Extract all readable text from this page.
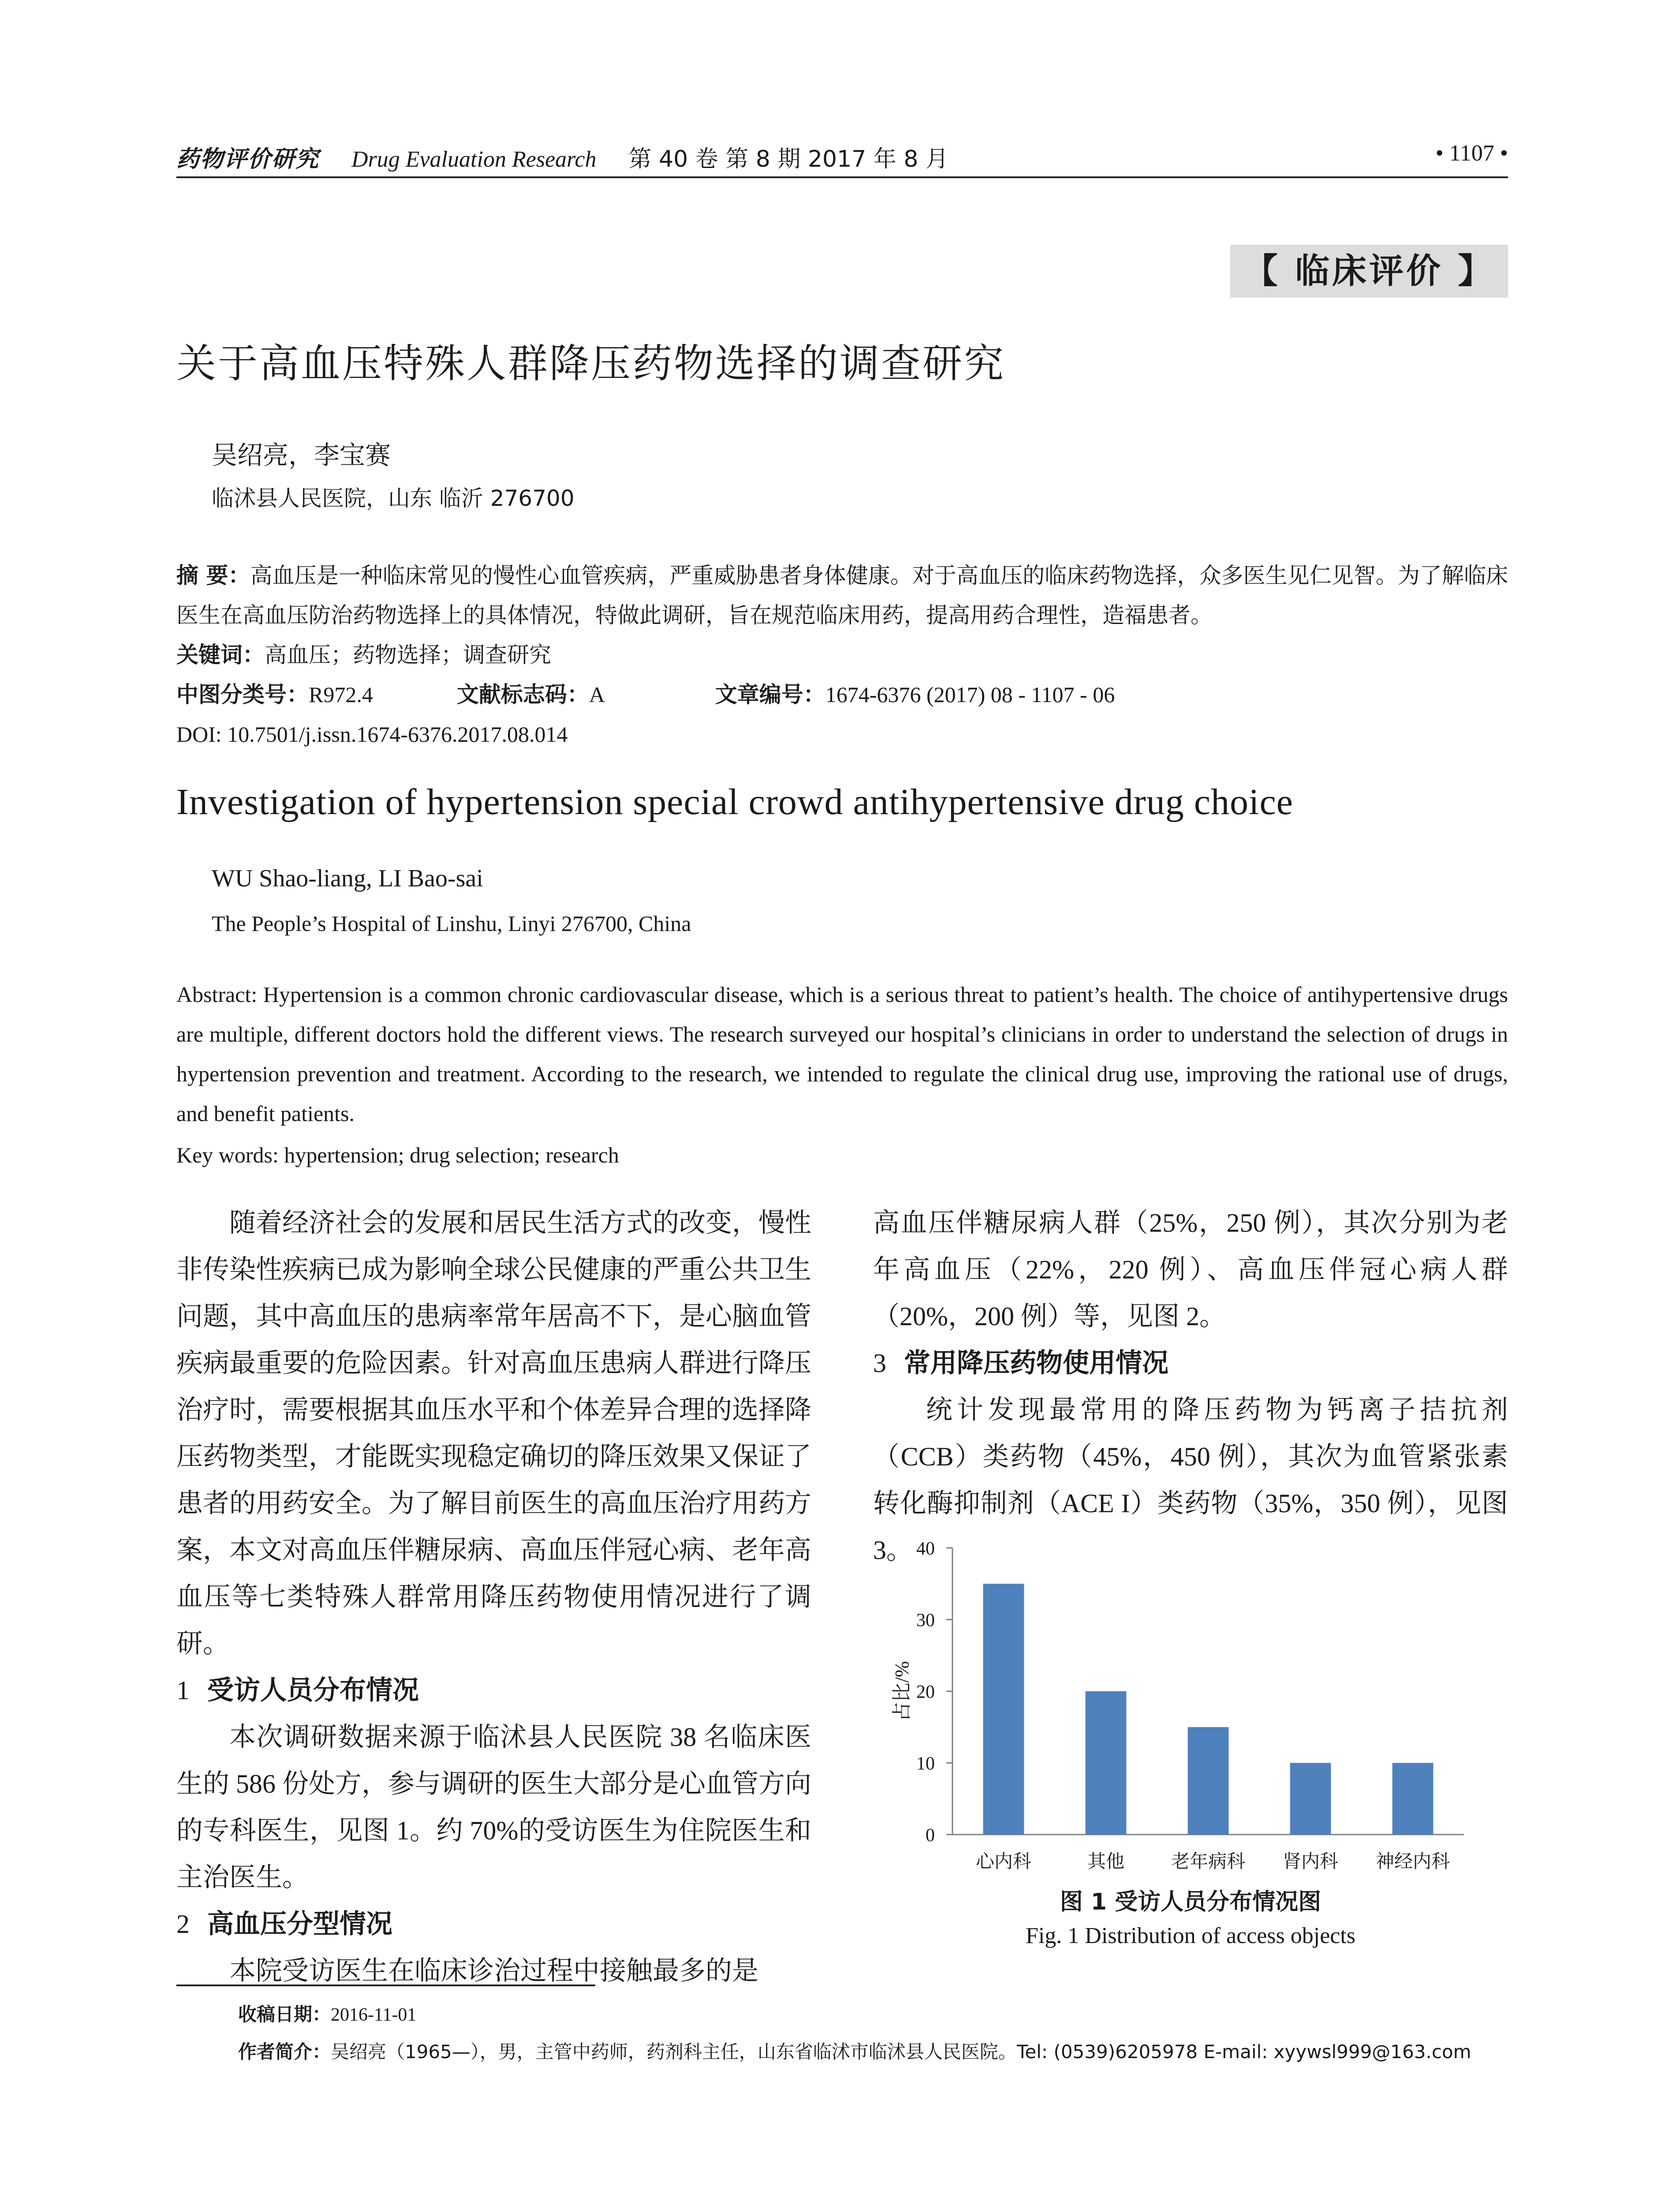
药物评价研究 Drug Evaluation Research 第 40 卷 第 8 期 2017 年 8 月	• 1107 •
【 临床评价 】
关于高血压特殊人群降压药物选择的调查研究
吴绍亮，李宝赛
临沭县人民医院，山东 临沂 276700
摘 要：高血压是一种临床常见的慢性心血管疾病，严重威胁患者身体健康。对于高血压的临床药物选择，众多医生见仁见智。为了解临床医生在高血压防治药物选择上的具体情况，特做此调研，旨在规范临床用药，提高用药合理性，造福患者。
关键词：高血压；药物选择；调查研究
中图分类号：R972.4	文献标志码：A	文章编号：1674-6376 (2017) 08 - 1107 - 06
DOI: 10.7501/j.issn.1674-6376.2017.08.014
Investigation of hypertension special crowd antihypertensive drug choice
WU Shao-liang, LI Bao-sai
The People’s Hospital of Linshu, Linyi 276700, China
Abstract: Hypertension is a common chronic cardiovascular disease, which is a serious threat to patient’s health. The choice of antihypertensive drugs are multiple, different doctors hold the different views. The research surveyed our hospital’s clinicians in order to understand the selection of drugs in hypertension prevention and treatment. According to the research, we intended to regulate the clinical drug use, improving the rational use of drugs, and benefit patients.
Key words: hypertension; drug selection; research

随着经济社会的发展和居民生活方式的改变，慢性非传染性疾病已成为影响全球公民健康的严重公共卫生问题，其中高血压的患病率常年居高不下，是心脑血管疾病最重要的危险因素。针对高血压患病人群进行降压治疗时，需要根据其血压水平和个体差异合理的选择降压药物类型，才能既实现稳定确切的降压效果又保证了患者的用药安全。为了解目前医生的高血压治疗用药方案，本文对高血压伴糖尿病、高血压伴冠心病、老年高血压等七类特殊人群常用降压药物使用情况进行了调研。

1 受访人员分布情况

本次调研数据来源于临沭县人民医院 38 名临床医生的 586 份处方，参与调研的医生大部分是心血管方向的专科医生，见图 1。约 70%的受访医生为住院医生和主治医生。

2 高血压分型情况

本院受访医生在临床诊治过程中接触最多的是

高血压伴糖尿病人群（25%，250 例），其次分别为老年高血压（22%，220 例）、高血压伴冠心病人群（20%，200 例）等，见图 2。

3 常用降压药物使用情况

统计发现最常用的降压药物为钙离子拮抗剂（CCB）类药物（45%，450 例），其次为血管紧张素转化酶抑制剂（ACE I）类药物（35%，350 例），见图 3。

0
10
20
30
40
心内科	其他	老年病科 肾内科 神经内科
占比/%
图 1 受访人员分布情况图
Fig. 1 Distribution of access objects
收稿日期：2016-11-01
作者简介：吴绍亮（1965—），男，主管中药师，药剂科主任，山东省临沭市临沭县人民医院。Tel: (0539)6205978 E-mail: xyywsl999@163.com
